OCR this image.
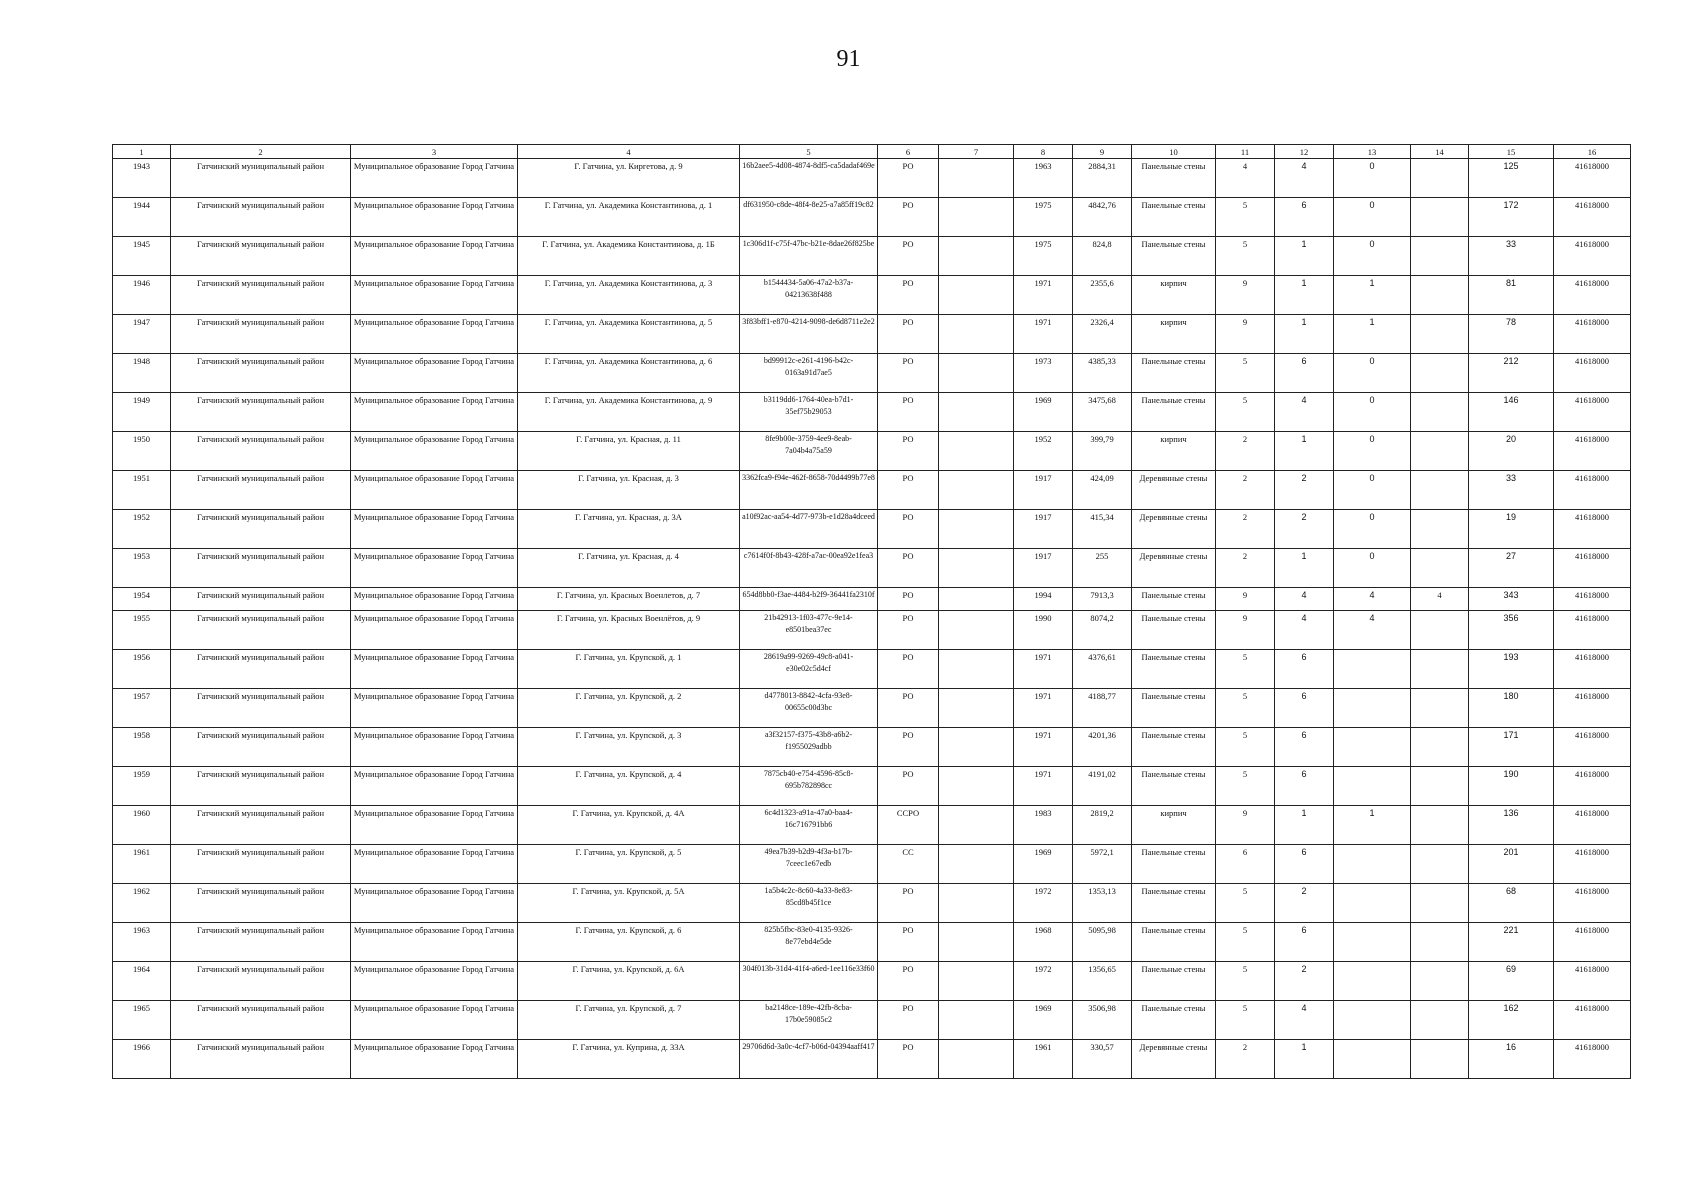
91
1	2	3	4	5	6	7	8	9	10	11	12	13	14	15	16
1943	Гатчинский муниципальный район	Муниципальное образование Город Гатчина	Г. Гатчина, ул. Киргетова, д. 9	16b2aee5-4d08-4874-8df5-ca5dadaf469e	РО		1963	2884,31	Панельные стены	4	4	0		125	41618000
1944	Гатчинский муниципальный район	Муниципальное образование Город Гатчина	Г. Гатчина, ул. Академика Константинова, д. 1	df631950-c8de-48f4-8e25-a7a85ff19c82	РО		1975	4842,76	Панельные стены	5	6	0		172	41618000
1945	Гатчинский муниципальный район	Муниципальное образование Город Гатчина	Г. Гатчина, ул. Академика Константинова, д. 1Б	1c306d1f-c75f-47bc-b21e-8dae26f825be	РО		1975	824,8	Панельные стены	5	1	0		33	41618000
1946	Гатчинский муниципальный район	Муниципальное образование Город Гатчина	Г. Гатчина, ул. Академика Константинова, д. 3	b1544434-5a06-47a2-b37a-04213638f488	РО		1971	2355,6	кирпич	9	1	1		81	41618000
1947	Гатчинский муниципальный район	Муниципальное образование Город Гатчина	Г. Гатчина, ул. Академика Константинова, д. 5	3f83bff1-e870-4214-9098-de6d8711e2e2	РО		1971	2326,4	кирпич	9	1	1		78	41618000
1948	Гатчинский муниципальный район	Муниципальное образование Город Гатчина	Г. Гатчина, ул. Академика Константинова, д. 6	bd99912c-e261-4196-b42c-0163a91d7ae5	РО		1973	4385,33	Панельные стены	5	6	0		212	41618000
1949	Гатчинский муниципальный район	Муниципальное образование Город Гатчина	Г. Гатчина, ул. Академика Константинова, д. 9	b3119dd6-1764-40ea-b7d1-35ef75b29053	РО		1969	3475,68	Панельные стены	5	4	0		146	41618000
1950	Гатчинский муниципальный район	Муниципальное образование Город Гатчина	Г. Гатчина, ул. Красная, д. 11	8fe9b00e-3759-4ee9-8eab-7a04b4a75a59	РО		1952	399,79	кирпич	2	1	0		20	41618000
1951	Гатчинский муниципальный район	Муниципальное образование Город Гатчина	Г. Гатчина, ул. Красная, д. 3	3362fca9-f94e-462f-8658-70d4499b77e8	РО		1917	424,09	Деревянные стены	2	2	0		33	41618000
1952	Гатчинский муниципальный район	Муниципальное образование Город Гатчина	Г. Гатчина, ул. Красная, д. 3А	a10f92ac-aa54-4d77-973b-e1d28a4dceed	РО		1917	415,34	Деревянные стены	2	2	0		19	41618000
1953	Гатчинский муниципальный район	Муниципальное образование Город Гатчина	Г. Гатчина, ул. Красная, д. 4	c7614f0f-8b43-428f-a7ac-00ea92e1fea3	РО		1917	255	Деревянные стены	2	1	0		27	41618000
1954	Гатчинский муниципальный район	Муниципальное образование Город Гатчина	Г. Гатчина, ул. Красных Военлетов, д. 7	654d8bb0-f3ae-4484-b2f9-36441fa2310f	РО		1994	7913,3	Панельные стены	9	4	4	4	343	41618000
1955	Гатчинский муниципальный район	Муниципальное образование Город Гатчина	Г. Гатчина, ул. Красных Военлётов, д. 9	21b42913-1f03-477c-9e14-e8501bea37ec	РО		1990	8074,2	Панельные стены	9	4	4		356	41618000
1956	Гатчинский муниципальный район	Муниципальное образование Город Гатчина	Г. Гатчина, ул. Крупской, д. 1	28619a99-9269-49c8-a041-e30e02c5d4cf	РО		1971	4376,61	Панельные стены	5	6			193	41618000
1957	Гатчинский муниципальный район	Муниципальное образование Город Гатчина	Г. Гатчина, ул. Крупской, д. 2	d4778013-8842-4cfa-93e8-00655c00d3bc	РО		1971	4188,77	Панельные стены	5	6			180	41618000
1958	Гатчинский муниципальный район	Муниципальное образование Город Гатчина	Г. Гатчина, ул. Крупской, д. 3	a3f32157-f375-43b8-a6b2-f1955029adbb	РО		1971	4201,36	Панельные стены	5	6			171	41618000
1959	Гатчинский муниципальный район	Муниципальное образование Город Гатчина	Г. Гатчина, ул. Крупской, д. 4	7875cb40-e754-4596-85c8-695b782898cc	РО		1971	4191,02	Панельные стены	5	6			190	41618000
1960	Гатчинский муниципальный район	Муниципальное образование Город Гатчина	Г. Гатчина, ул. Крупской, д. 4А	6c4d1323-a91a-47a0-baa4-16c716791bb6	ССРО		1983	2819,2	кирпич	9	1	1		136	41618000
1961	Гатчинский муниципальный район	Муниципальное образование Город Гатчина	Г. Гатчина, ул. Крупской, д. 5	49ea7b39-b2d9-4f3a-b17b-7ceec1e67edb	СС		1969	5972,1	Панельные стены	6	6			201	41618000
1962	Гатчинский муниципальный район	Муниципальное образование Город Гатчина	Г. Гатчина, ул. Крупской, д. 5А	1a5b4c2c-8c60-4a33-8e83-85cd8b45f1ce	РО		1972	1353,13	Панельные стены	5	2			68	41618000
1963	Гатчинский муниципальный район	Муниципальное образование Город Гатчина	Г. Гатчина, ул. Крупской, д. 6	825b5fbc-83e0-4135-9326-8e77ebd4e5de	РО		1968	5095,98	Панельные стены	5	6			221	41618000
1964	Гатчинский муниципальный район	Муниципальное образование Город Гатчина	Г. Гатчина, ул. Крупской, д. 6А	304f013b-31d4-41f4-a6ed-1ee116e33f60	РО		1972	1356,65	Панельные стены	5	2			69	41618000
1965	Гатчинский муниципальный район	Муниципальное образование Город Гатчина	Г. Гатчина, ул. Крупской, д. 7	ba2148ce-189e-42fb-8cba-17b0e59085c2	РО		1969	3506,98	Панельные стены	5	4			162	41618000
1966	Гатчинский муниципальный район	Муниципальное образование Город Гатчина	Г. Гатчина, ул. Куприна, д. 33А	29706d6d-3a0c-4cf7-b06d-04394aaff417	РО		1961	330,57	Деревянные стены	2	1			16	41618000
